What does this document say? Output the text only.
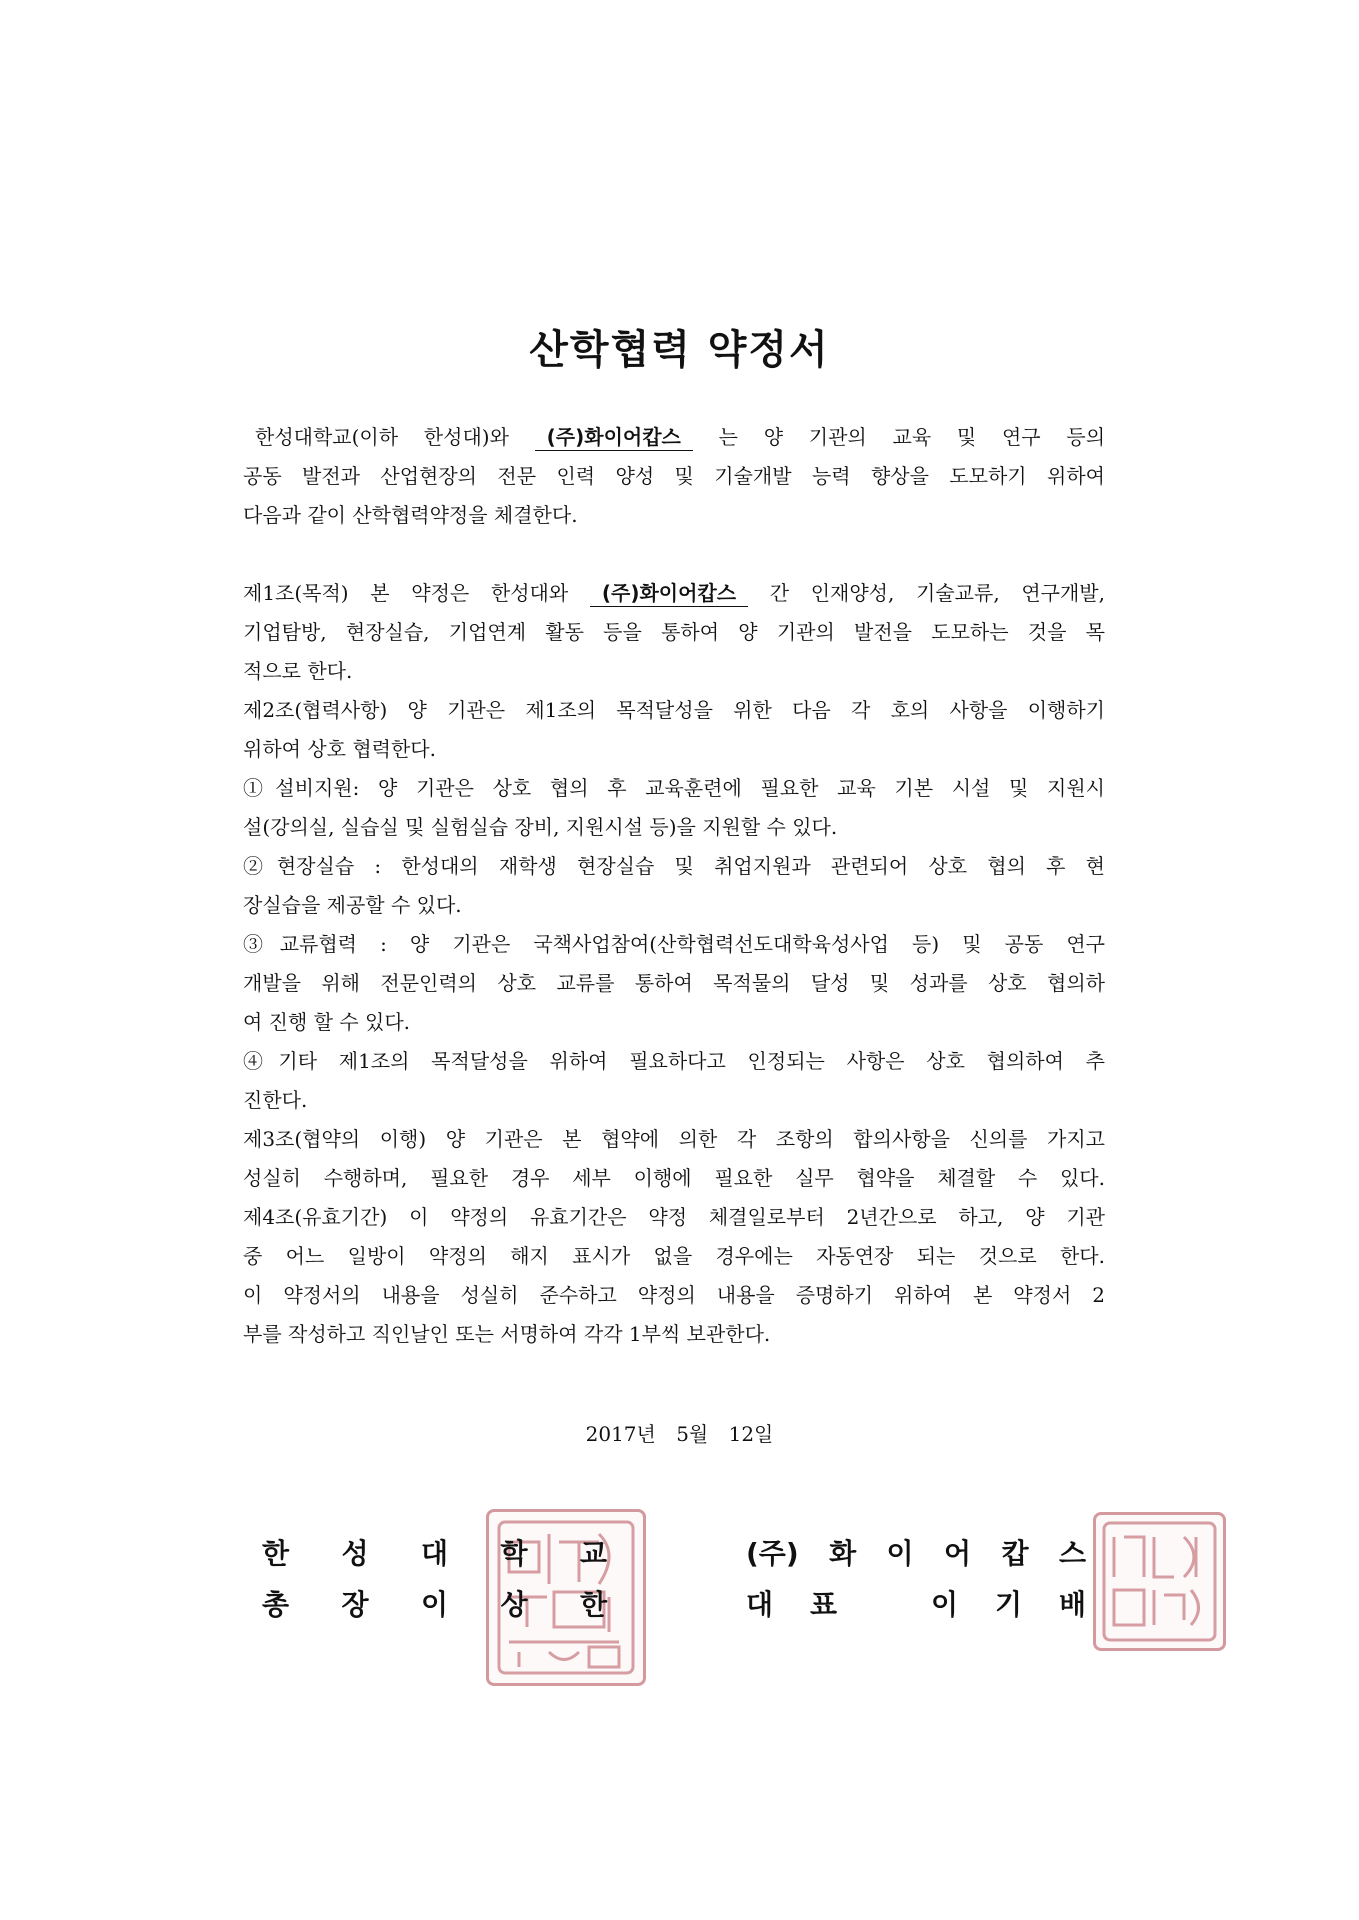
산학협력 약정서
한성대학교(이하 한성대)와 (주)화이어캅스 는 양 기관의 교육 및 연구 등의
공동 발전과 산업현장의 전문 인력 양성 및 기술개발 능력 향상을 도모하기 위하여
다음과 같이 산학협력약정을 체결한다.
제1조(목적) 본 약정은 한성대와 (주)화이어캅스 간 인재양성, 기술교류, 연구개발,
기업탐방, 현장실습, 기업연계 활동 등을 통하여 양 기관의 발전을 도모하는 것을 목
적으로 한다.
제2조(협력사항) 양 기관은 제1조의 목적달성을 위한 다음 각 호의 사항을 이행하기
위하여 상호 협력한다.
①설비지원: 양 기관은 상호 협의 후 교육훈련에 필요한 교육 기본 시설 및 지원시
설(강의실, 실습실 및 실험실습 장비, 지원시설 등)을 지원할 수 있다.
②현장실습 : 한성대의 재학생 현장실습 및 취업지원과 관련되어 상호 협의 후 현
장실습을 제공할 수 있다.
③교류협력 : 양 기관은 국책사업참여(산학협력선도대학육성사업 등) 및 공동 연구
개발을 위해 전문인력의 상호 교류를 통하여 목적물의 달성 및 성과를 상호 협의하
여 진행 할 수 있다.
④기타 제1조의 목적달성을 위하여 필요하다고 인정되는 사항은 상호 협의하여 추
진한다.
제3조(협약의 이행) 양 기관은 본 협약에 의한 각 조항의 합의사항을 신의를 가지고
성실히 수행하며, 필요한 경우 세부 이행에 필요한 실무 협약을 체결할 수 있다.
제4조(유효기간) 이 약정의 유효기간은 약정 체결일로부터 2년간으로 하고, 양 기관
중 어느 일방이 약정의 해지 표시가 없을 경우에는 자동연장 되는 것으로 한다.
이 약정서의 내용을 성실히 준수하고 약정의 내용을 증명하기 위하여 본 약정서 2
부를 작성하고 직인날인 또는 서명하여 각각 1부씩 보관한다.
2017년 5월 12일
한 성 대 학 교
총 장 이 상 한
(주) 화 이 어 캅 스
대 표	이 기 배
